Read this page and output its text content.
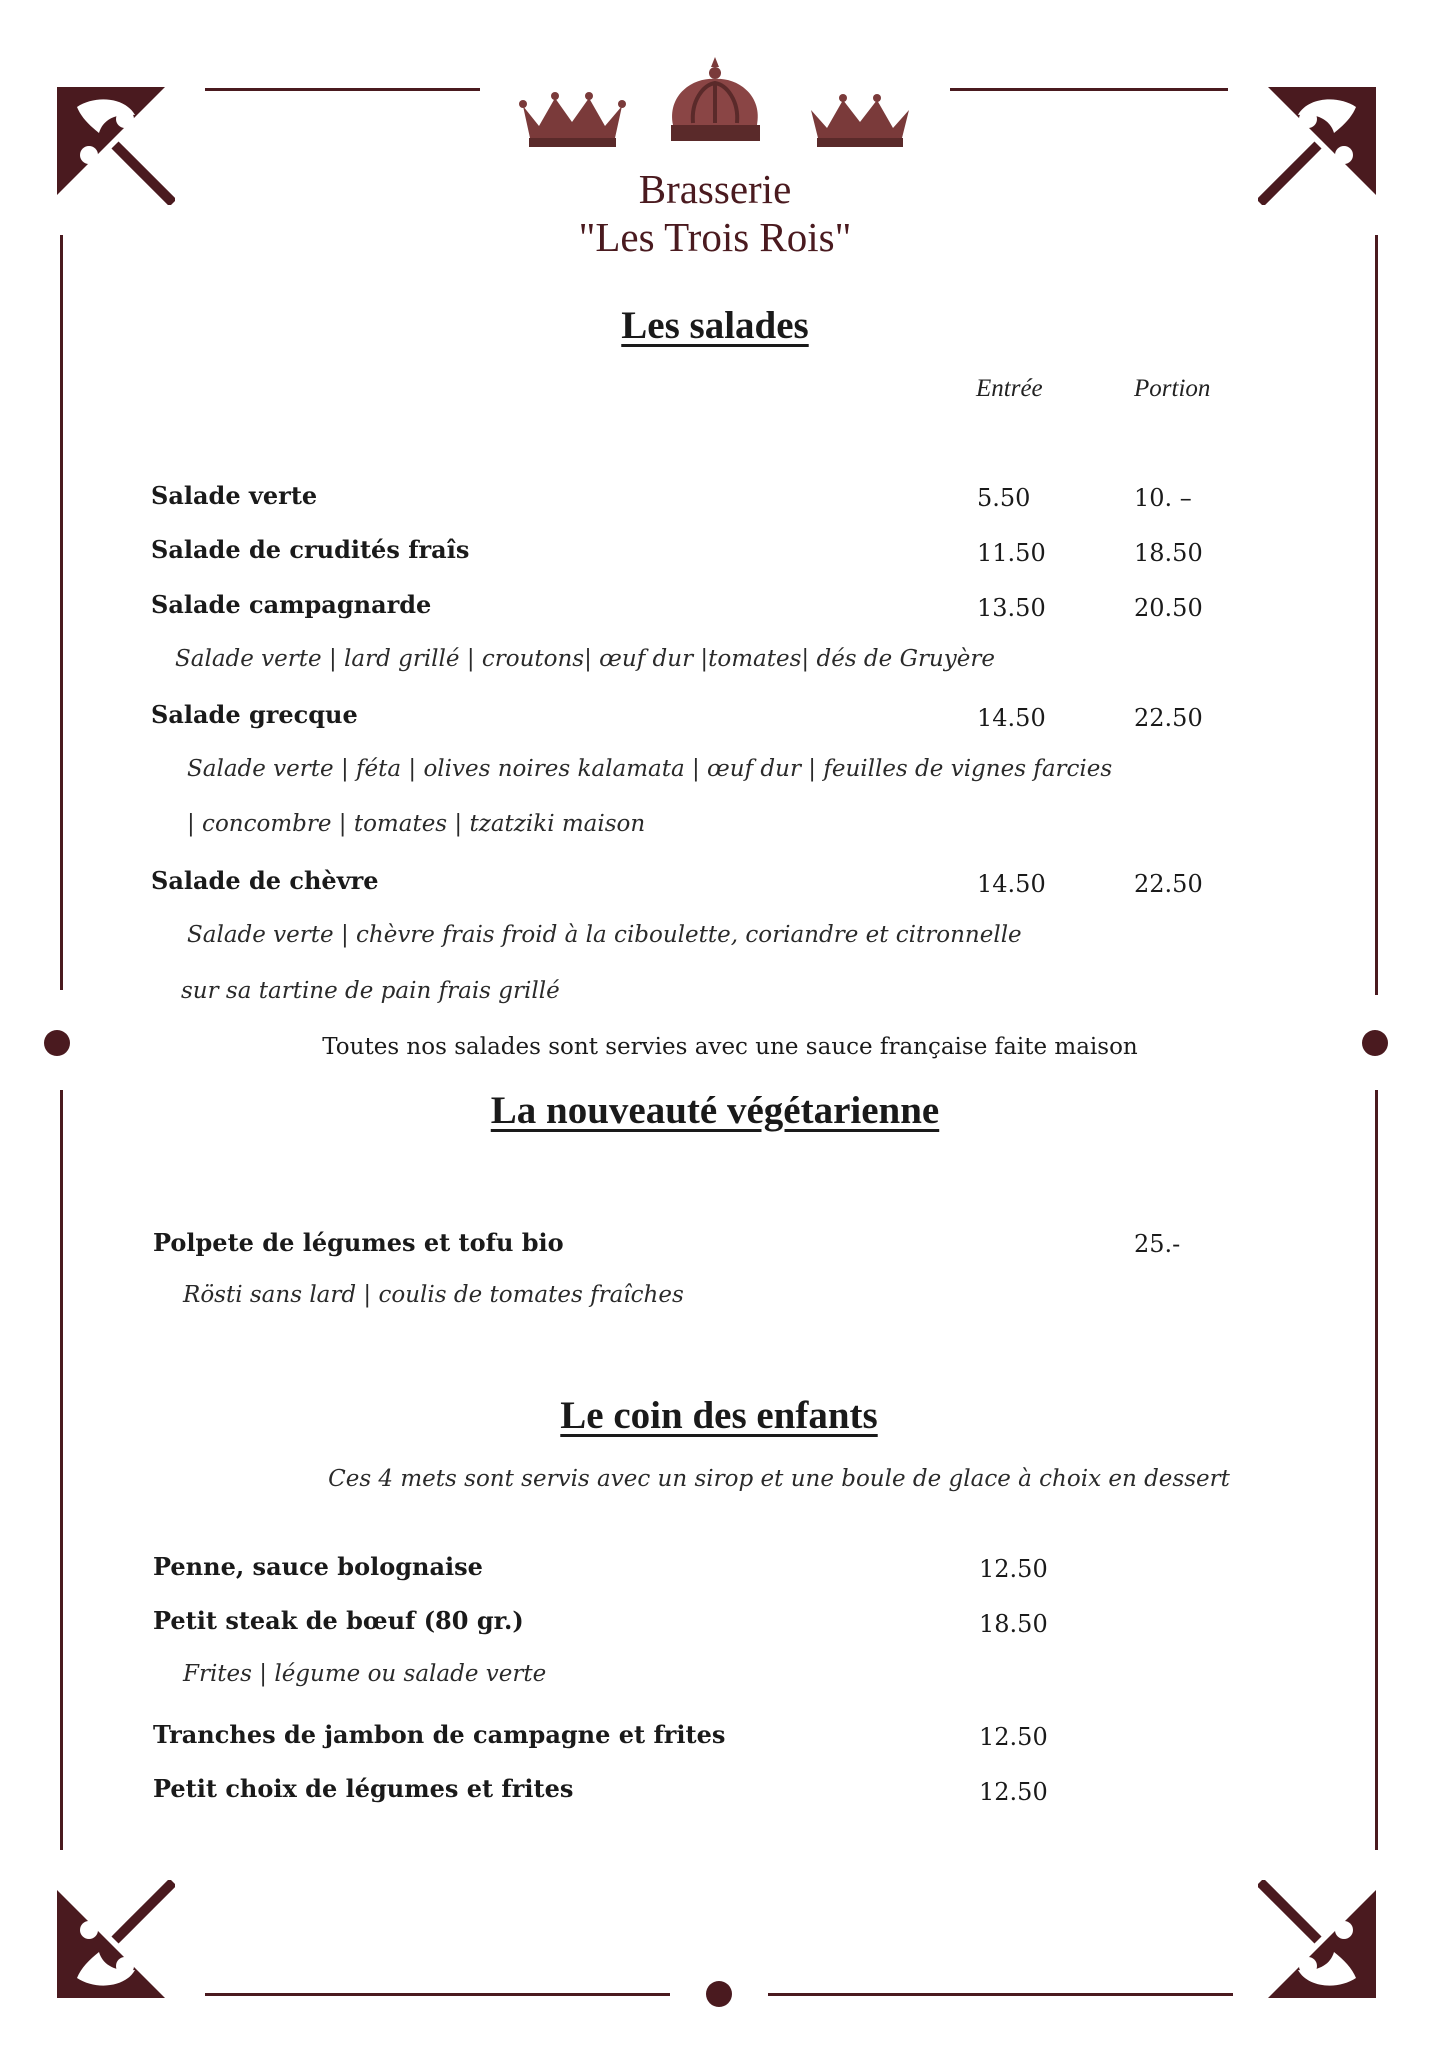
Brasserie
"Les Trois Rois"
Les salades
Entrée	Portion
Salade verte	5.50	10. –
Salade de crudités fraîs	11.50	18.50
Salade campagnarde	13.50	20.50
Salade verte | lard grillé | croutons| œuf dur |tomates| dés de Gruyère
Salade grecque	14.50	22.50
Salade verte | féta | olives noires kalamata | œuf dur | feuilles de vignes farcies
| concombre | tomates | tzatziki maison
Salade de chèvre	14.50	22.50
Salade verte | chèvre frais froid à la ciboulette, coriandre et citronnelle
sur sa tartine de pain frais grillé
Toutes nos salades sont servies avec une sauce française faite maison
La nouveauté végétarienne
Polpete de légumes et tofu bio	25.-
Rösti sans lard | coulis de tomates fraîches
Le coin des enfants
Ces 4 mets sont servis avec un sirop et une boule de glace à choix en dessert
Penne, sauce bolognaise	12.50
Petit steak de bœuf (80 gr.)	18.50
Frites | légume ou salade verte
Tranches de jambon de campagne et frites	12.50
Petit choix de légumes et frites	12.50
